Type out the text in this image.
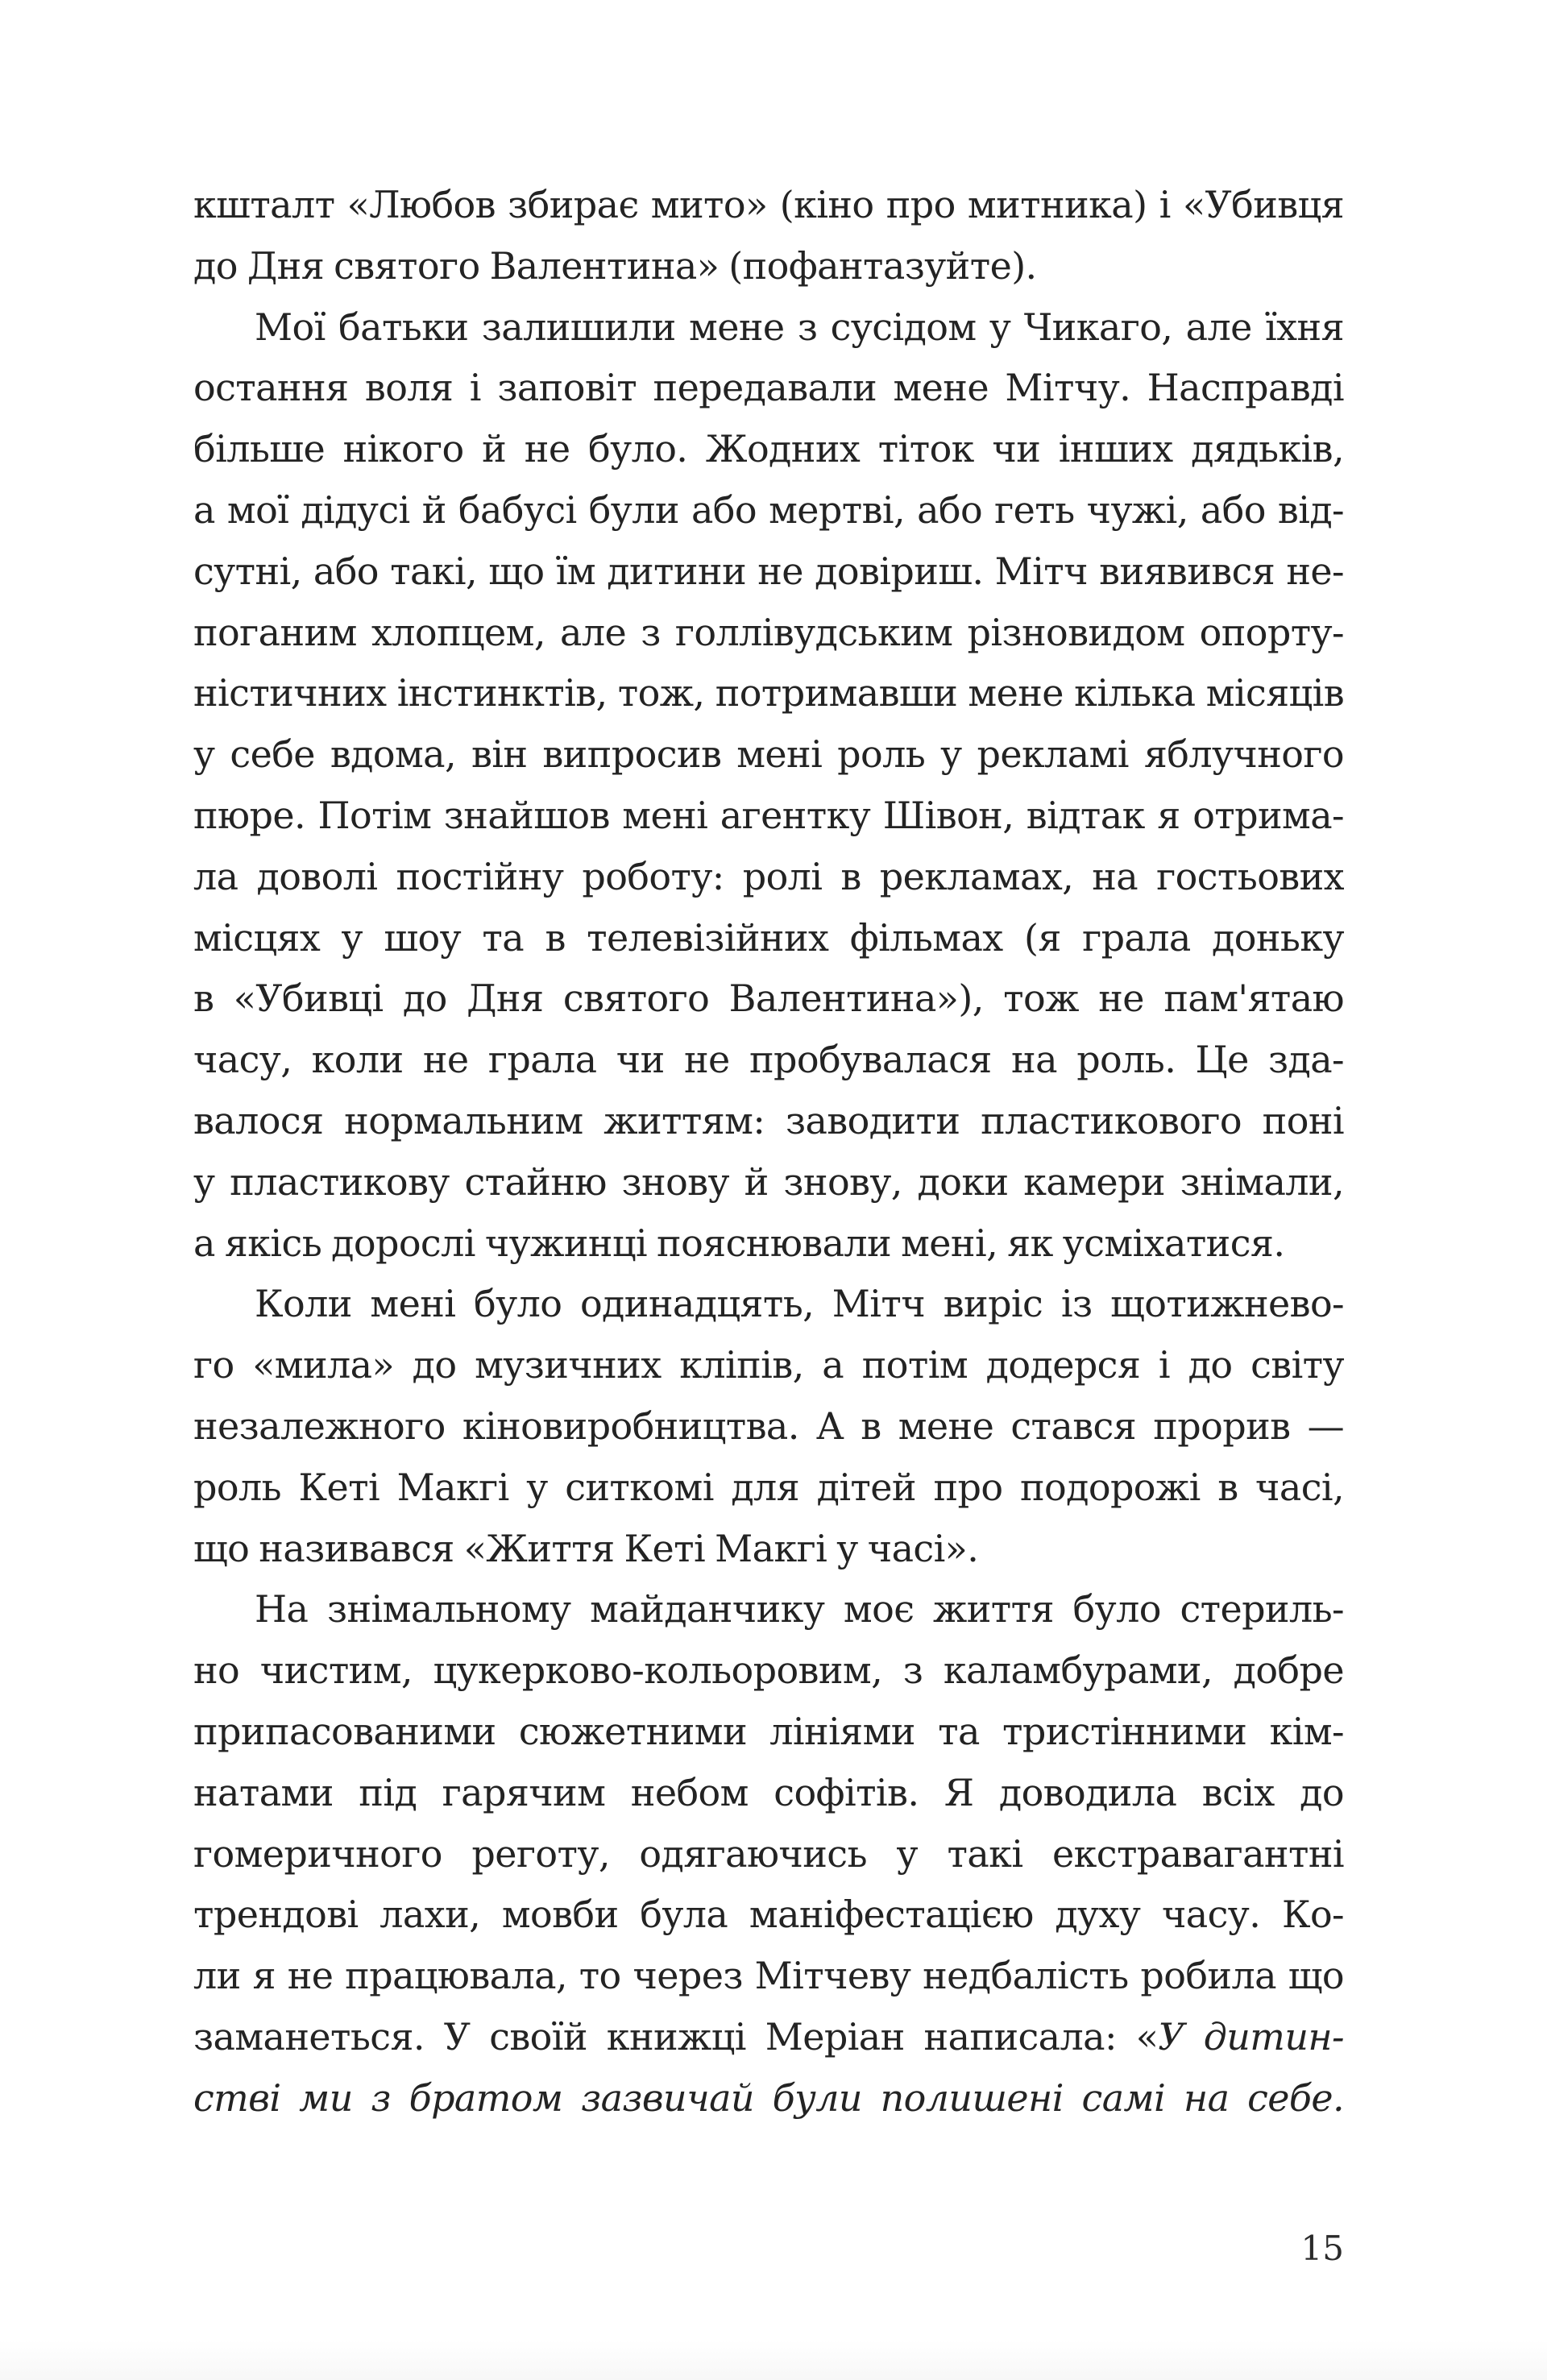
кшталт «Любов збирає мито» (кіно про митника) і «Убивця
до Дня святого Валентина» (пофантазуйте).
Мої батьки залишили мене з сусідом у Чикаго, але їхня
остання воля і заповіт передавали мене Мітчу. Насправді
більше нікого й не було. Жодних тіток чи інших дядьків,
а мої дідусі й бабусі були або мертві, або геть чужі, або від-
сутні, або такі, що їм дитини не довіриш. Мітч виявився не-
поганим хлопцем, але з голлівудським різновидом опорту-
ністичних інстинктів, тож, потримавши мене кілька місяців
у себе вдома, він випросив мені роль у рекламі яблучного
пюре. Потім знайшов мені агентку Шівон, відтак я отрима-
ла доволі постійну роботу: ролі в рекламах, на гостьових
місцях у шоу та в телевізійних фільмах (я грала доньку
в «Убивці до Дня святого Валентина»), тож не пам'ятаю
часу, коли не грала чи не пробувалася на роль. Це зда-
валося нормальним життям: заводити пластикового поні
у пластикову стайню знову й знову, доки камери знімали,
а якісь дорослі чужинці пояснювали мені, як усміхатися.
Коли мені було одинадцять, Мітч виріс із щотижнево-
го «мила» до музичних кліпів, а потім додерся і до світу
незалежного кіновиробництва. А в мене стався прорив —
роль Кеті Макгі у ситкомі для дітей про подорожі в часі,
що називався «Життя Кеті Макгі у часі».
На знімальному майданчику моє життя було стериль-
но чистим, цукерково-кольоровим, з каламбурами, добре
припасованими сюжетними лініями та тристінними кім-
натами під гарячим небом софітів. Я доводила всіх до
гомеричного реготу, одягаючись у такі екстравагантні
трендові лахи, мовби була маніфестацією духу часу. Ко-
ли я не працювала, то через Мітчеву недбалість робила що
заманеться. У своїй книжці Меріан написала: «У дитин-
стві ми з братом зазвичай були полишені самі на себе.
15
